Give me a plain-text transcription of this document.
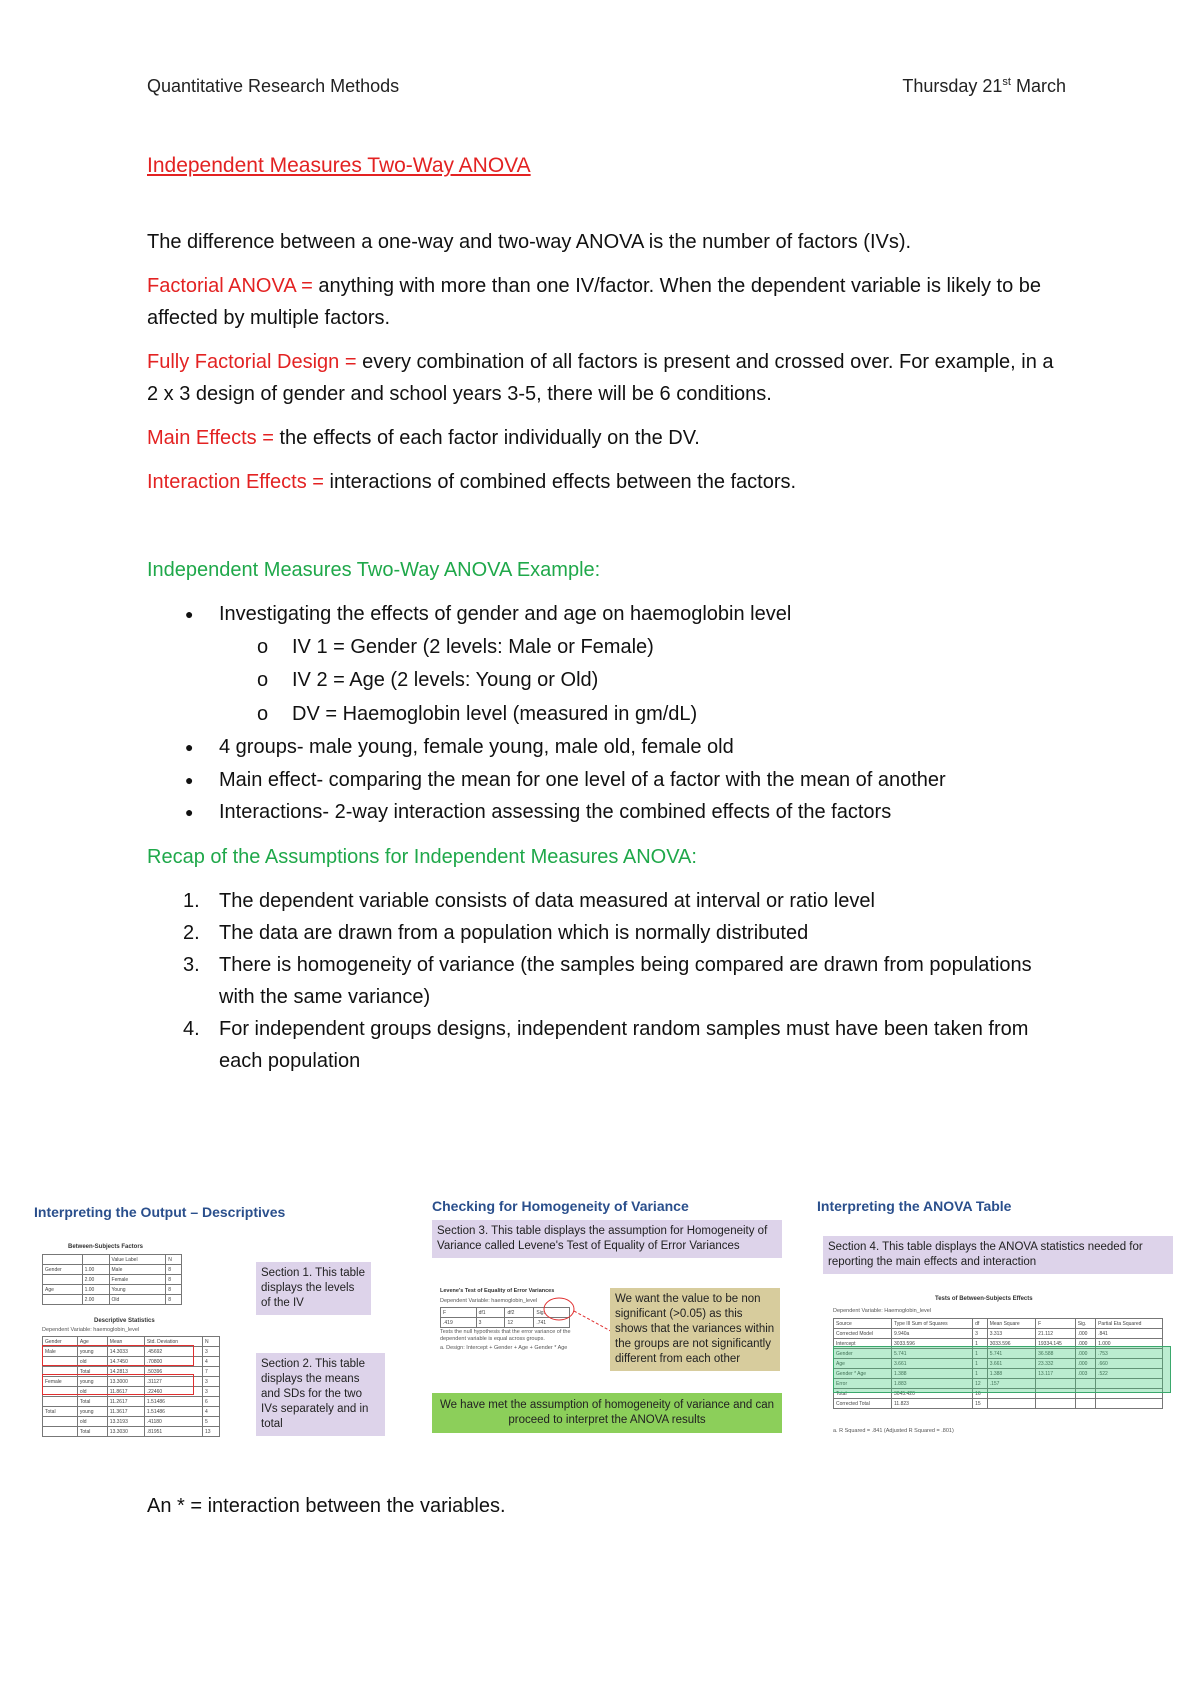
Quantitative Research Methods	Thursday 21st March

Independent Measures Two-Way ANOVA

The difference between a one-way and two-way ANOVA is the number of factors (IVs).

Factorial ANOVA = anything with more than one IV/factor. When the dependent variable is likely to be affected by multiple factors.

Fully Factorial Design = every combination of all factors is present and crossed over. For example, in a 2 x 3 design of gender and school years 3-5, there will be 6 conditions.

Main Effects = the effects of each factor individually on the DV.

Interaction Effects = interactions of combined effects between the factors.

Independent Measures Two-Way ANOVA Example:

● Investigating the effects of gender and age on haemoglobin level
o IV 1 = Gender (2 levels: Male or Female)
o IV 2 = Age (2 levels: Young or Old)
o DV = Haemoglobin level (measured in gm/dL)
● 4 groups- male young, female young, male old, female old
● Main effect- comparing the mean for one level of a factor with the mean of another
● Interactions- 2-way interaction assessing the combined effects of the factors

Recap of the Assumptions for Independent Measures ANOVA:

1. The dependent variable consists of data measured at interval or ratio level
2. The data are drawn from a population which is normally distributed
3. There is homogeneity of variance (the samples being compared are drawn from populations with the same variance)
4. For independent groups designs, independent random samples must have been taken from each population
Interpreting the Output – Descriptives
Between-Subjects Factors
		Value Label	N
Gender	1.00	Male	8
	2.00	Female	8
Age	1.00	Young	8
	2.00	Old	8
Descriptive Statistics
Dependent Variable: haemoglobin_level
Gender	Age	Mean	Std. Deviation	N
Male	young	14.3033	.45692	3
	old	14.7450	.70800	4
	Total	14.2813	.50396	7
Female	young	13.3000	.31127	3
	old	11.8617	.22460	3
	Total	11.2617	1.51486	6
Total	young	11.3617	1.51486	4
	old	13.3193	.41180	5
	Total	13.3030	.81951	13
Section 1. This table displays the levels of the IV
Section 2. This table displays the means and SDs for the two IVs separately and in total
Checking for Homogeneity of Variance
Section 3. This table displays the assumption for Homogeneity of Variance called Levene's Test of Equality of Error Variances
Levene's Test of Equality of Error Variances
Dependent Variable: haemoglobin_level
F	df1	df2	Sig.
.419	3	12	.741
Tests the null hypothesis that the error variance of the dependent variable is equal across groups.
a. Design: Intercept + Gender + Age + Gender * Age
We want the value to be non significant (>0.05) as this shows that the variances within the groups are not significantly different from each other
We have met the assumption of homogeneity of variance and can proceed to interpret the ANOVA results
Interpreting the ANOVA Table
Section 4. This table displays the ANOVA statistics needed for reporting the main effects and interaction
Tests of Between-Subjects Effects
Dependent Variable: Haemoglobin_level
Source	Type III Sum of Squares	df	Mean Square	F	Sig.	Partial Eta Squared
Corrected Model	9.940a	3	3.313	21.112	.000	.841
Intercept	3033.596	1	3033.596	19334.145	.000	1.000
Gender	5.741	1	5.741	36.588	.000	.753
Age	3.661	1	3.661	23.332	.000	.660
Gender * Age	1.388	1	1.388	13.117	.003	.522
Error	1.883	12	.157			
Total	3045.420	16				
Corrected Total	11.823	15				
a. R Squared = .841 (Adjusted R Squared = .801)
An * = interaction between the variables.
